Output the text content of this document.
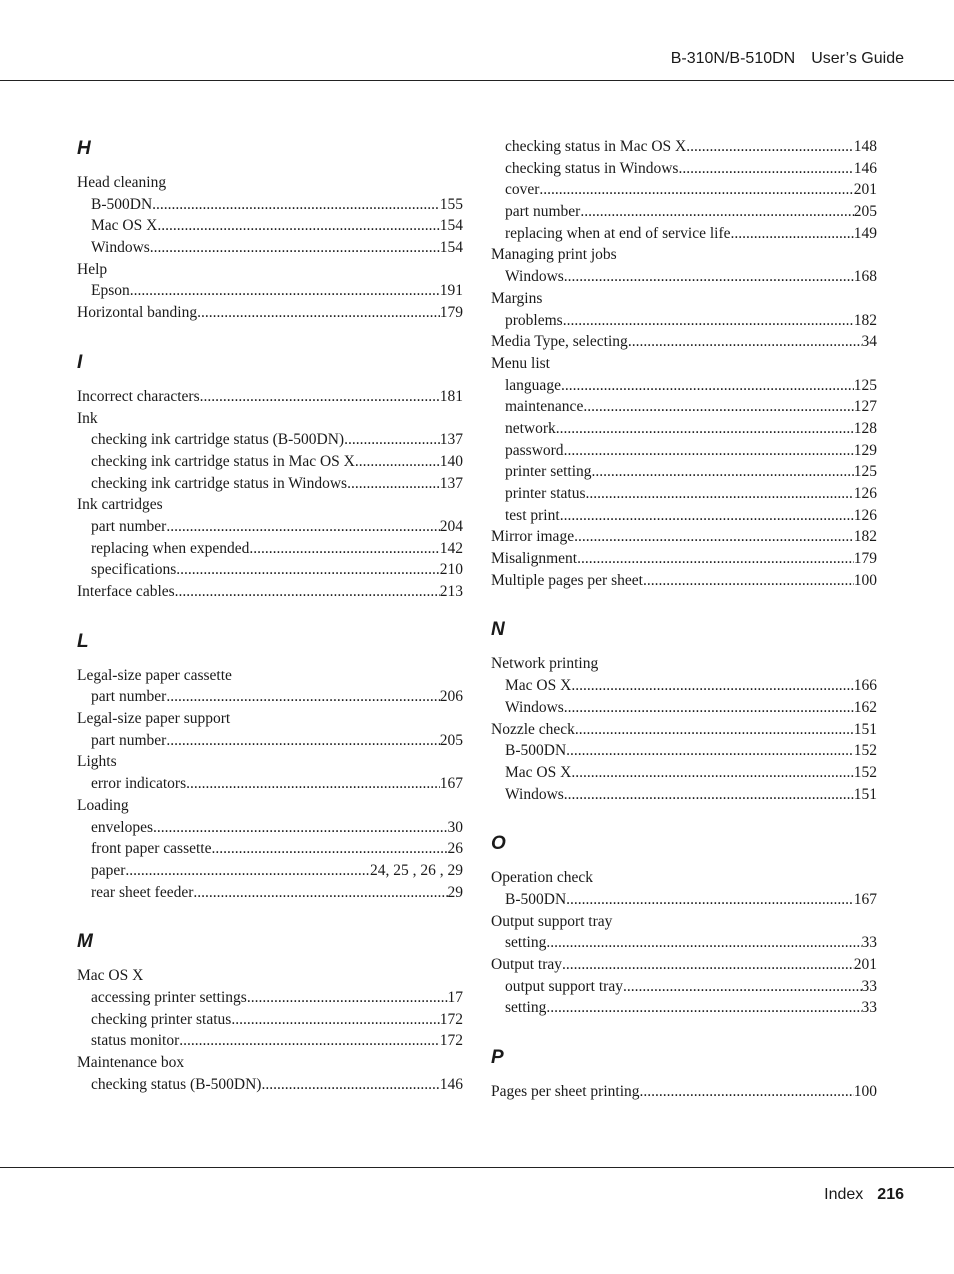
B-310N/B-510DN User’s Guide
H
Head cleaning
B-500DN .....	155
Mac OS X .....	154
Windows .....	154
Help
Epson .....	191
Horizontal banding .....	179
I
Incorrect characters .....	181
Ink
checking ink cartridge status (B-500DN) .....	137
checking ink cartridge status in Mac OS X .....	140
checking ink cartridge status in Windows .....	137
Ink cartridges
part number .....	204
replacing when expended .....	142
specifications .....	210
Interface cables .....	213
L
Legal-size paper cassette
part number .....	206
Legal-size paper support
part number .....	205
Lights
error indicators .....	167
Loading
envelopes .....	30
front paper cassette .....	26
paper .....	24, 25 , 26 , 29
rear sheet feeder .....	29
M
Mac OS X
accessing printer settings .....	17
checking printer status .....	172
status monitor .....	172
Maintenance box
checking status (B-500DN) .....	146
checking status in Mac OS X .....	148
checking status in Windows .....	146
cover .....	201
part number .....	205
replacing when at end of service life .....	149
Managing print jobs
Windows .....	168
Margins
problems .....	182
Media Type, selecting .....	34
Menu list
language .....	125
maintenance .....	127
network .....	128
password .....	129
printer setting .....	125
printer status .....	126
test print .....	126
Mirror image .....	182
Misalignment .....	179
Multiple pages per sheet .....	100
N
Network printing
Mac OS X .....	166
Windows .....	162
Nozzle check .....	151
B-500DN .....	152
Mac OS X .....	152
Windows .....	151
O
Operation check
B-500DN .....	167
Output support tray
setting .....	33
Output tray .....	201
output support tray .....	33
setting .....	33
P
Pages per sheet printing .....	100
Index 216
